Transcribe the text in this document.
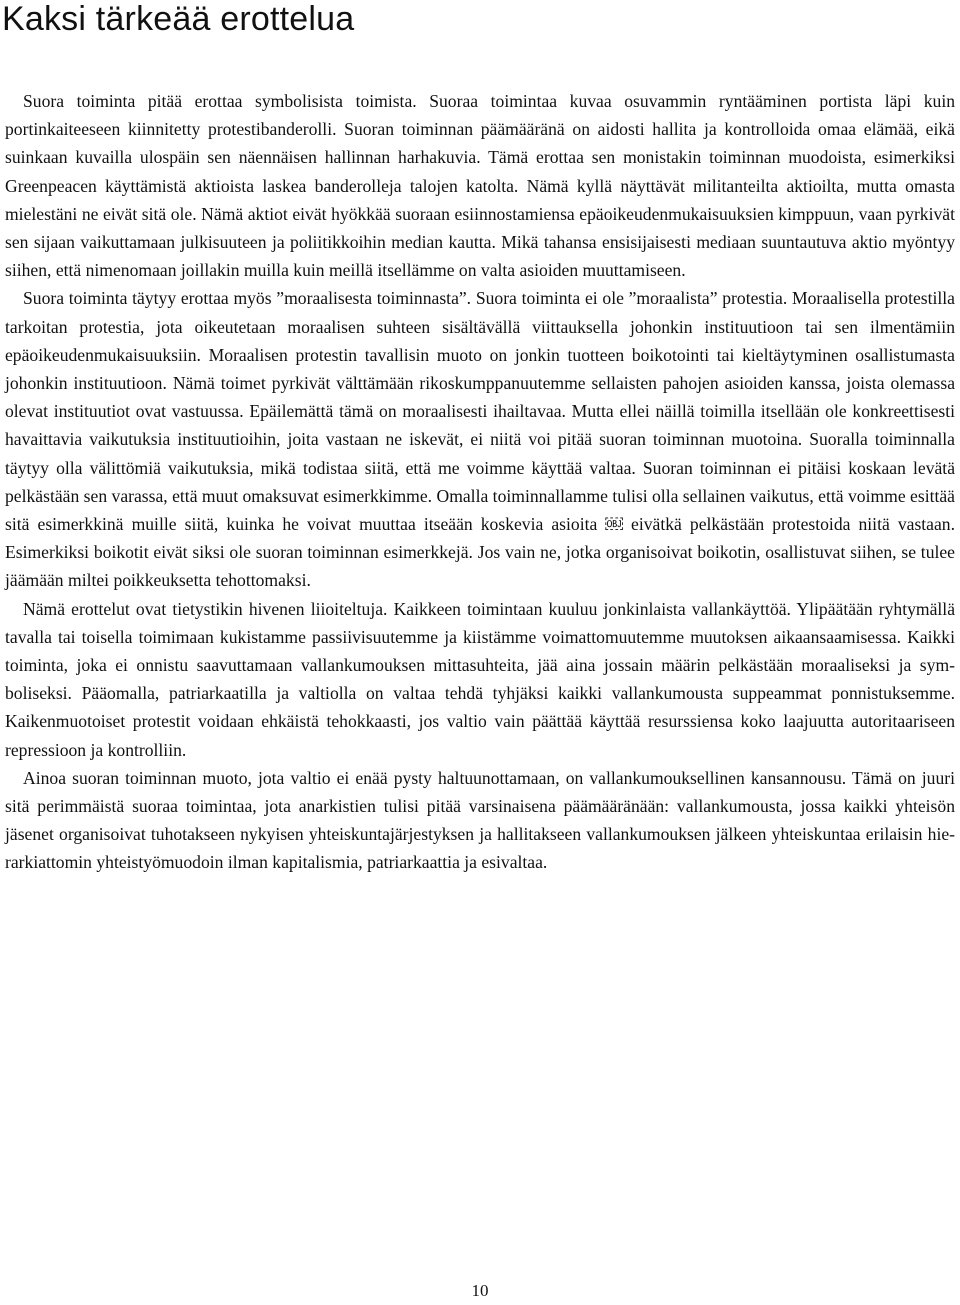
Kaksi tärkeää erottelua

Suora toiminta pitää erottaa symbolisista toimista. Suoraa toimintaa kuvaa osuvammin ryntääminen portista läpi kuin portinkaiteeseen kiinnitetty protestibanderolli. Suoran toiminnan päämääränä on aidosti hallita ja kontrolloida omaa elämää, eikä suinkaan kuvailla ulospäin sen näennäisen hallinnan harhakuvia. Tämä erottaa sen monistakin toiminnan muodoista, esimerkiksi Greenpeacen käyttämistä aktioista laskea banderolleja talojen katolta. Nämä kyllä näyttävät militanteilta aktioilta, mutta omasta mielestäni ne eivät sitä ole. Nämä aktiot eivät hyökkää suoraan esiinnostamiensa epäoikeudenmukaisuuksien kimppuun, vaan pyrkivät sen sijaan vaikuttamaan julkisuuteen ja poliitikkoihin median kautta. Mikä tahansa ensisijaisesti mediaan suuntautuva aktio myöntyy siihen, että nimenomaan joillakin muilla kuin meillä itsellämme on valta asioiden muuttamiseen.

Suora toiminta täytyy erottaa myös ”moraalisesta toiminnasta”. Suora toiminta ei ole ”moraalista” protestia. Moraalisella protestilla tarkoitan protestia, jota oikeutetaan moraalisen suhteen sisältävällä viittauksella johonkin instituutioon tai sen ilmentämiin epäoikeudenmukaisuuksiin. Moraalisen protestin tavallisin muoto on jonkin tuotteen boikotointi tai kieltäytyminen osallistumasta johonkin instituutioon. Nämä toimet pyrkivät välttämään rikoskumppanuutemme sellaisten pahojen asioiden kanssa, joista olemassa olevat instituutiot ovat vastuussa. Epäilemättä tämä on moraalisesti ihailtavaa. Mutta ellei näillä toimilla itsellään ole konkreettisesti havaittavia vaikutuksia instituutioihin, joita vastaan ne iskevät, ei niitä voi pitää suoran toiminnan muotoina. Suoralla toiminnalla täytyy olla välittömiä vaikutuksia, mikä todistaa siitä, että me voimme käyttää valtaa. Suoran toiminnan ei pitäisi koskaan levätä pelkästään sen varassa, että muut omaksuvat esimerkkimme. Omalla toiminnallamme tulisi olla sellainen vaikutus, että voimme esittää sitä esimerkkinä muille siitä, kuinka he voivat muuttaa itseään koskevia asioita ￼ eivätkä pelkästään protestoida niitä vastaan. Esimerkiksi boikotit eivät siksi ole suoran toiminnan esimerkkejä. Jos vain ne, jotka organisoivat boikotin, osallistuvat siihen, se tulee jäämään miltei poikkeuksetta tehottomaksi.

Nämä erottelut ovat tietystikin hivenen liioiteltuja. Kaikkeen toimintaan kuuluu jonkinlaista vallankäyttöä. Ylipäätään ryhtymällä tavalla tai toisella toimimaan kukistamme passiivisuutemme ja kiistämme voimattomuutemme muutoksen aikaansaamisessa. Kaikki toiminta, joka ei onnistu saavuttamaan vallankumouksen mittasuhteita, jää aina jossain määrin pelkästään moraaliseksi ja symboliseksi. Pääomalla, patriarkaatilla ja valtiolla on valtaa tehdä tyhjäksi kaikki vallankumousta suppeammat ponnistuksemme. Kaikenmuotoiset protestit voidaan ehkäistä tehokkaasti, jos valtio vain päättää käyttää resurssiensa koko laajuutta autoritaariseen repressioon ja kontrolliin.

Ainoa suoran toiminnan muoto, jota valtio ei enää pysty haltuunottamaan, on vallankumouksellinen kansannousu. Tämä on juuri sitä perimmäistä suoraa toimintaa, jota anarkistien tulisi pitää varsinaisena päämääränään: vallankumousta, jossa kaikki yhteisön jäsenet organisoivat tuhotakseen nykyisen yhteiskuntajärjestyksen ja hallitakseen vallankumouksen jälkeen yhteiskuntaa erilaisin hierarkiattomin yhteistyömuodoin ilman kapitalismia, patriarkaattia ja esivaltaa.

10
